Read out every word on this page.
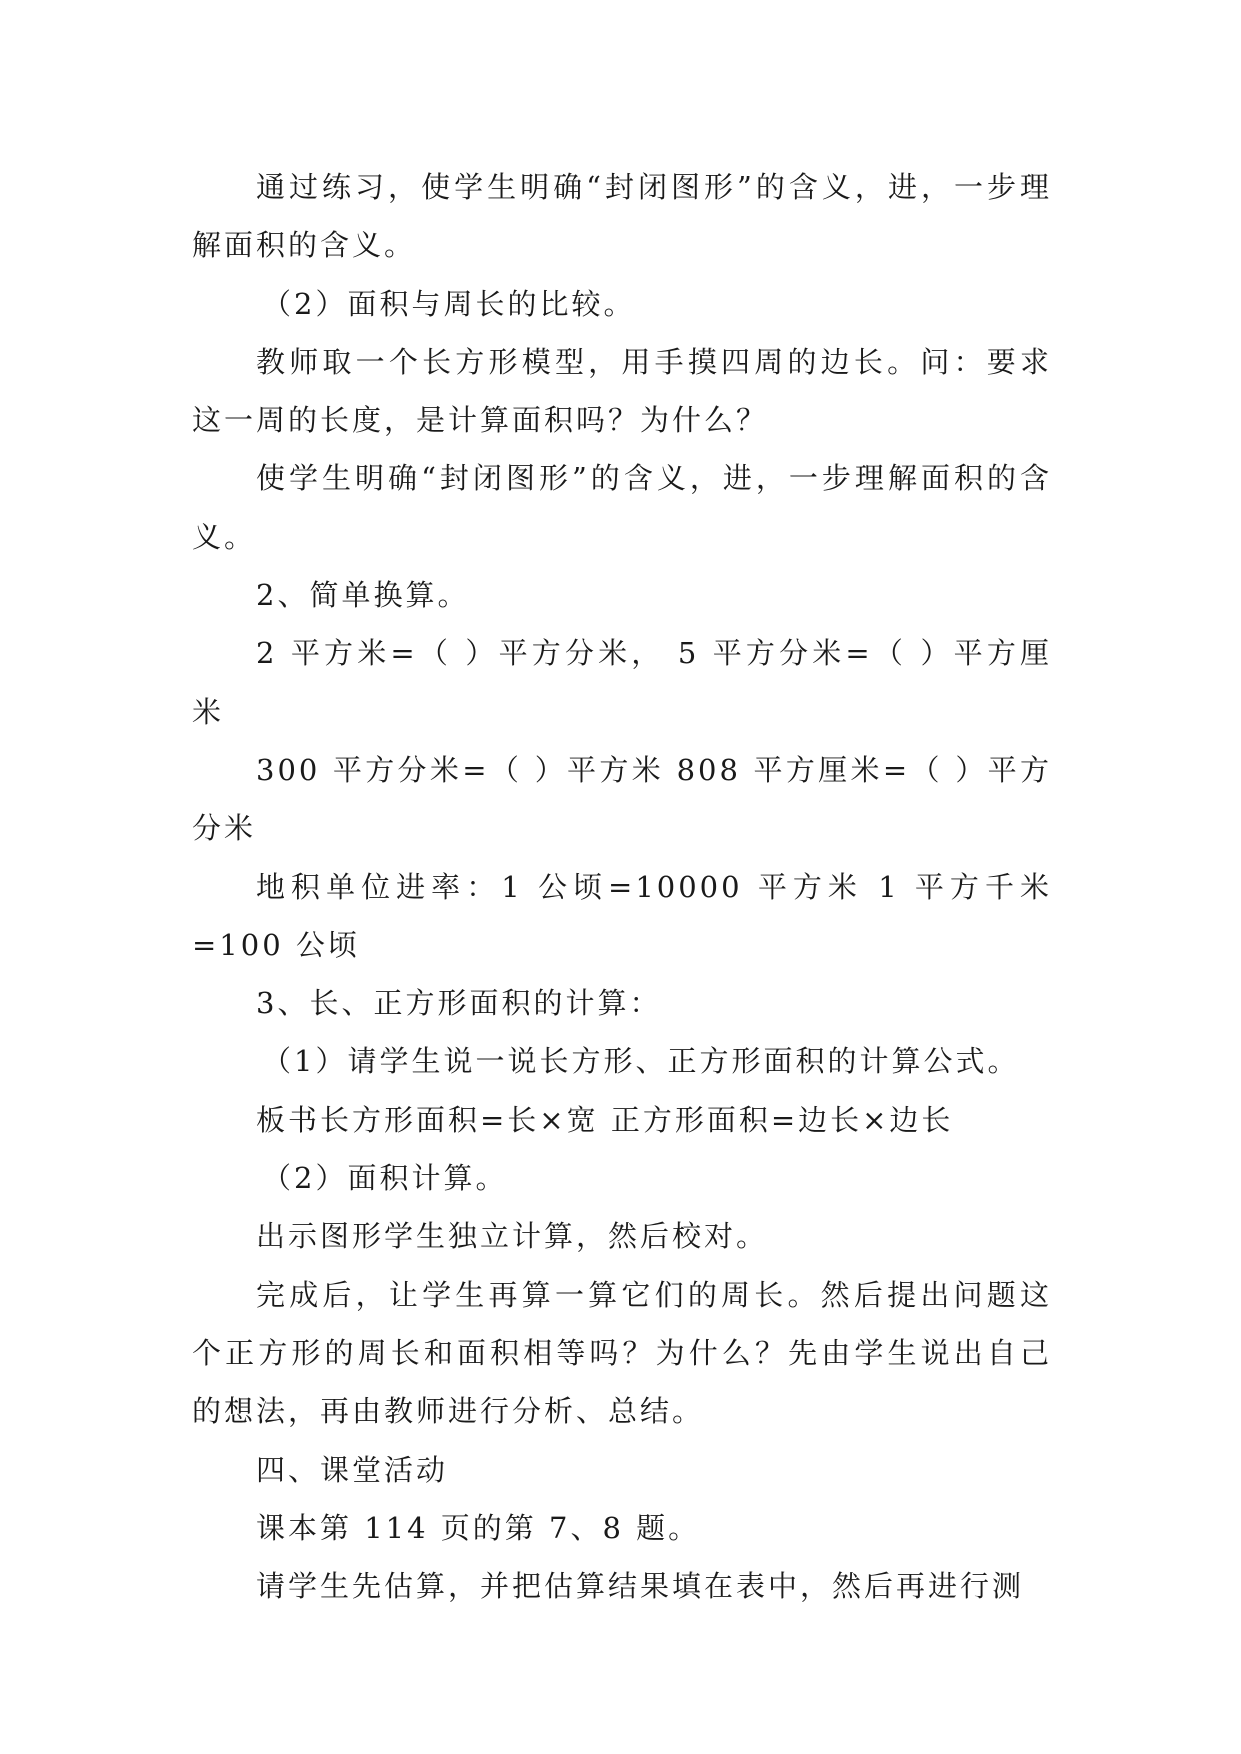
通过练习，使学生明确“封闭图形”的含义，进，一步理解面积的含义。

（2）面积与周长的比较。

教师取一个长方形模型，用手摸四周的边长。问：要求这一周的长度，是计算面积吗？为什么？

使学生明确“封闭图形”的含义，进，一步理解面积的含义。

2、简单换算。

2 平方米=（ ）平方分米， 5 平方分米=（ ）平方厘米

300 平方分米=（ ）平方米 808 平方厘米=（ ）平方分米

地积单位进率：1 公顷=10000 平方米 1 平方千米=100 公顷

3、长、正方形面积的计算：

（1）请学生说一说长方形、正方形面积的计算公式。

板书长方形面积=长×宽 正方形面积=边长×边长

（2）面积计算。

出示图形学生独立计算，然后校对。

完成后，让学生再算一算它们的周长。然后提出问题这个正方形的周长和面积相等吗？为什么？先由学生说出自己的想法，再由教师进行分析、总结。

四、课堂活动

课本第 114 页的第 7、8 题。

请学生先估算，并把估算结果填在表中，然后再进行测
